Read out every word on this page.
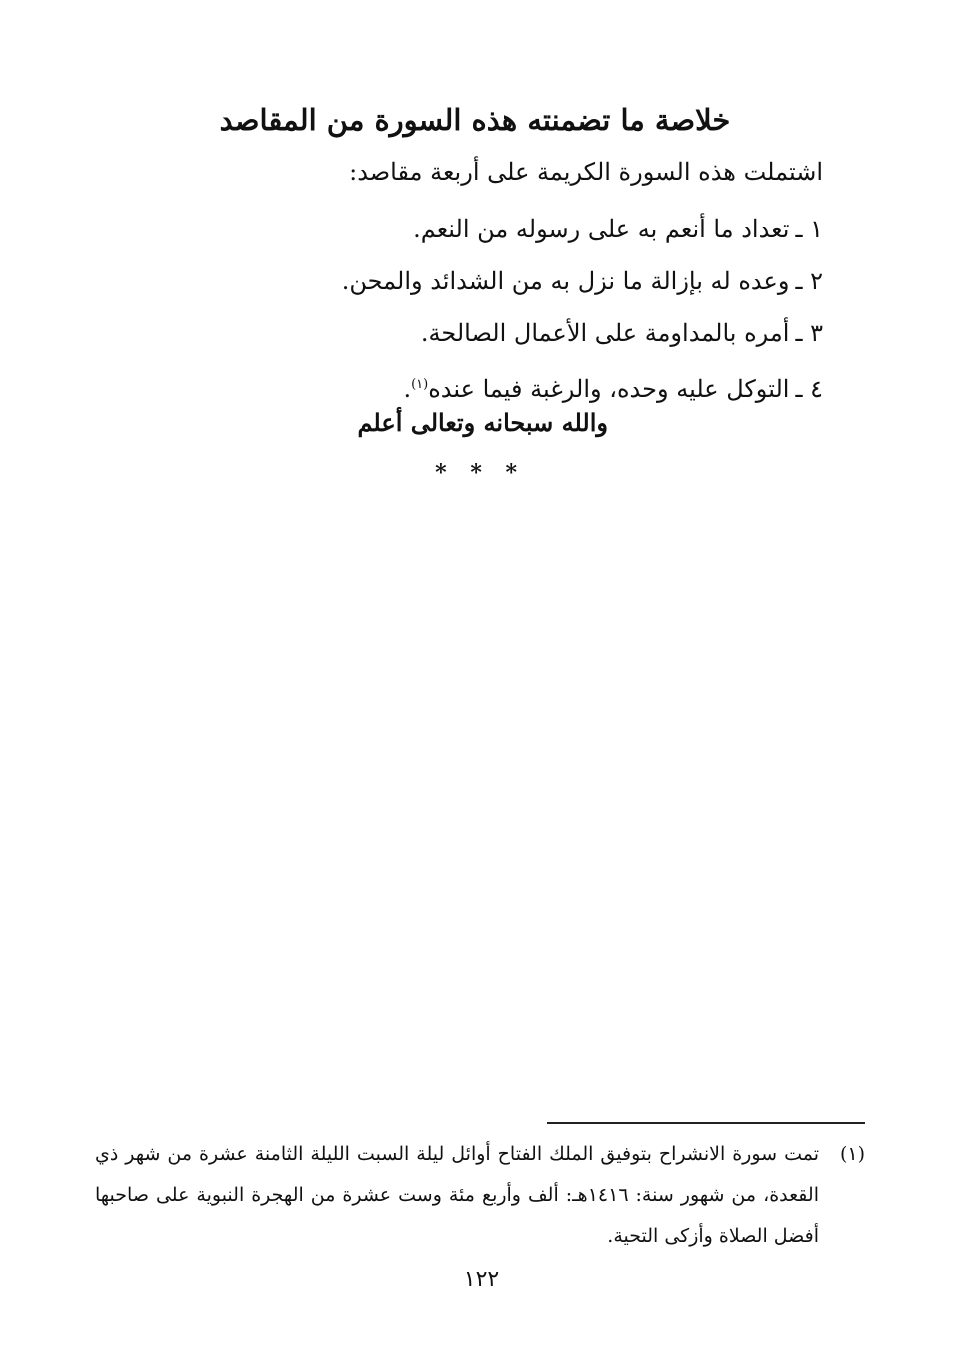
خلاصة ما تضمنته هذه السورة من المقاصد
اشتملت هذه السورة الكريمة على أربعة مقاصد:
١ ـتعداد ما أنعم به على رسوله من النعم.
٢ ـوعده له بإزالة ما نزل به من الشدائد والمحن.
٣ ـأمره بالمداومة على الأعمال الصالحة.
٤ ـالتوكل عليه وحده، والرغبة فيما عنده$^{(١)}$.
والله سبحانه وتعالى أعلم
* * *
(١)
تمت سورة الانشراح بتوفيق الملك الفتاح أوائل ليلة السبت الليلة الثامنة عشرة من شهر ذي القعدة، من شهور سنة: ١٤١٦هـ: ألف وأربع مئة وست عشرة من الهجرة النبوية على صاحبها أفضل الصلاة وأزكى التحية.
١٢٢
